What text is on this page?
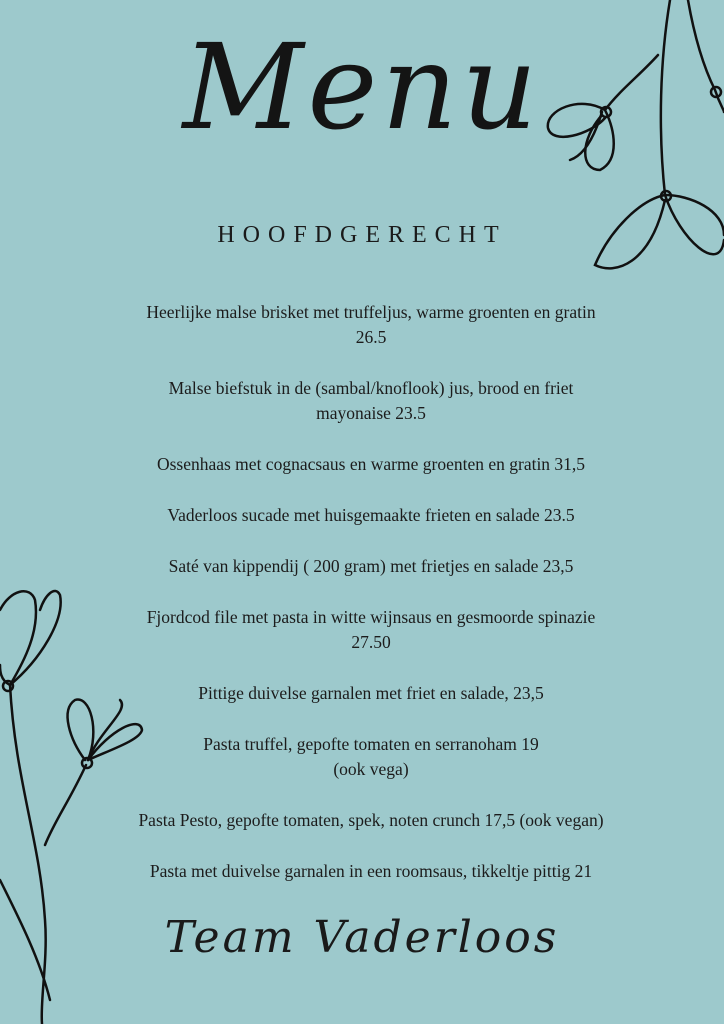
Menu
HOOFDGERECHT
Heerlijke malse brisket met truffeljus, warme groenten en gratin
26.5
Malse biefstuk in de (sambal/knoflook) jus, brood en friet
mayonaise 23.5
Ossenhaas met cognacsaus en warme groenten en gratin 31,5
Vaderloos sucade met huisgemaakte frieten en salade 23.5
Saté van kippendij ( 200 gram) met frietjes en salade 23,5
Fjordcod file met pasta in witte wijnsaus en gesmoorde spinazie
27.50
Pittige duivelse garnalen met friet en salade, 23,5
Pasta truffel, gepofte tomaten en serranoham 19
(ook vega)
Pasta Pesto, gepofte tomaten, spek, noten crunch 17,5 (ook vegan)
Pasta met duivelse garnalen in een roomsaus, tikkeltje pittig 21
Team Vaderloos
